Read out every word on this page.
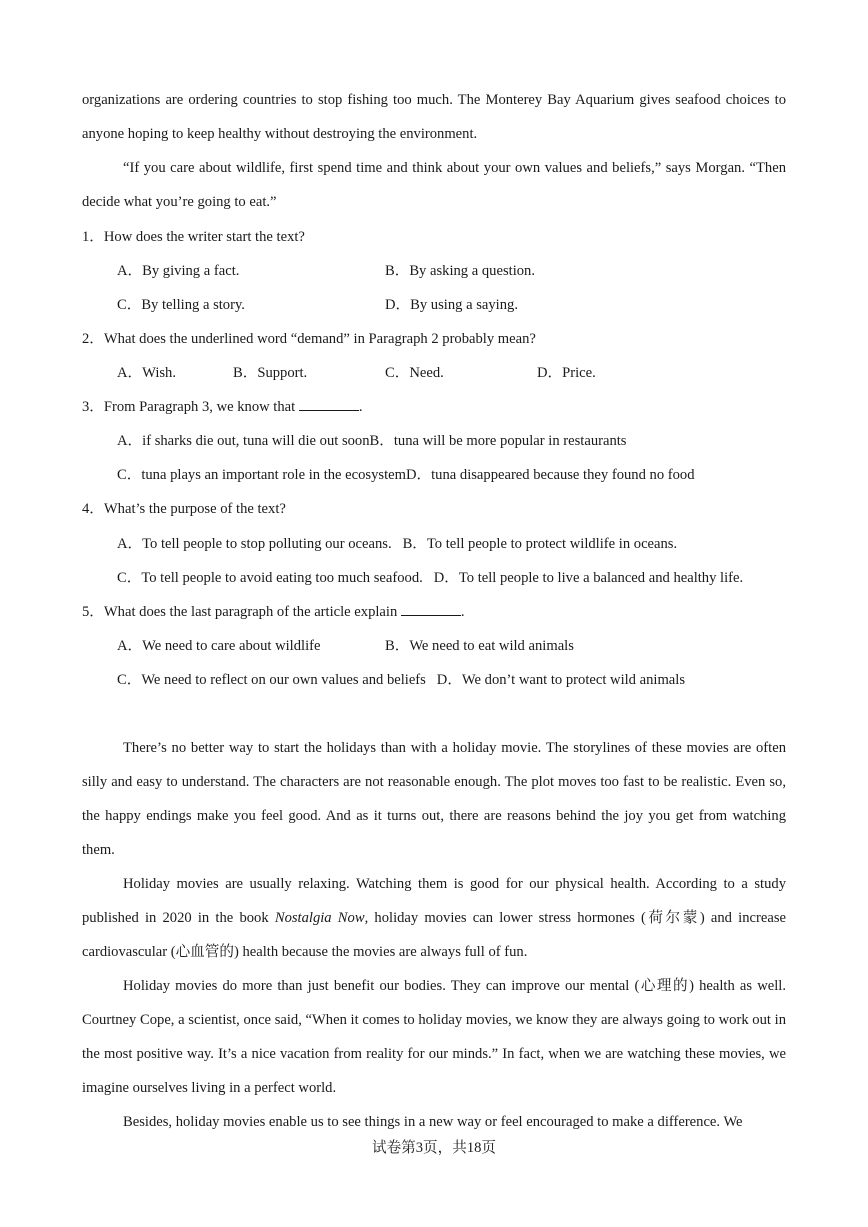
organizations are ordering countries to stop fishing too much. The Monterey Bay Aquarium gives seafood choices to anyone hoping to keep healthy without destroying the environment.

“If you care about wildlife, first spend time and think about your own values and beliefs,” says Morgan. “Then decide what you’re going to eat.”

1．How does the writer start the text?

A．By giving a fact.	B．By asking a question.

C．By telling a story.	D．By using a saying.

2．What does the underlined word “demand” in Paragraph 2 probably mean?

A．Wish.	B．Support.	C．Need.	D．Price.

3．From Paragraph 3, we know that	.

A．if sharks die out, tuna will die out soonB．tuna will be more popular in restaurants

C．tuna plays an important role in the ecosystemD．tuna disappeared because they found no food

4．What’s the purpose of the text?

A．To tell people to stop polluting our oceans. B．To tell people to protect wildlife in oceans.

C．To tell people to avoid eating too much seafood. D．To tell people to live a balanced and healthy life.

5．What does the last paragraph of the article explain	.

A．We need to care about wildlife	B．We need to eat wild animals

C．We need to reflect on our own values and beliefs D．We don’t want to protect wild animals

There’s no better way to start the holidays than with a holiday movie. The storylines of these movies are often silly and easy to understand. The characters are not reasonable enough. The plot moves too fast to be realistic. Even so, the happy endings make you feel good. And as it turns out, there are reasons behind the joy you get from watching them.

Holiday movies are usually relaxing. Watching them is good for our physical health. According to a study published in 2020 in the book Nostalgia Now, holiday movies can lower stress hormones (荷尔蒙) and increase cardiovascular (心血管的) health because the movies are always full of fun.

Holiday movies do more than just benefit our bodies. They can improve our mental (心理的) health as well. Courtney Cope, a scientist, once said, “When it comes to holiday movies, we know they are always going to work out in the most positive way. It’s a nice vacation from reality for our minds.” In fact, when we are watching these movies, we imagine ourselves living in a perfect world.

Besides, holiday movies enable us to see things in a new way or feel encouraged to make a difference. We

试卷第3页，共18页
